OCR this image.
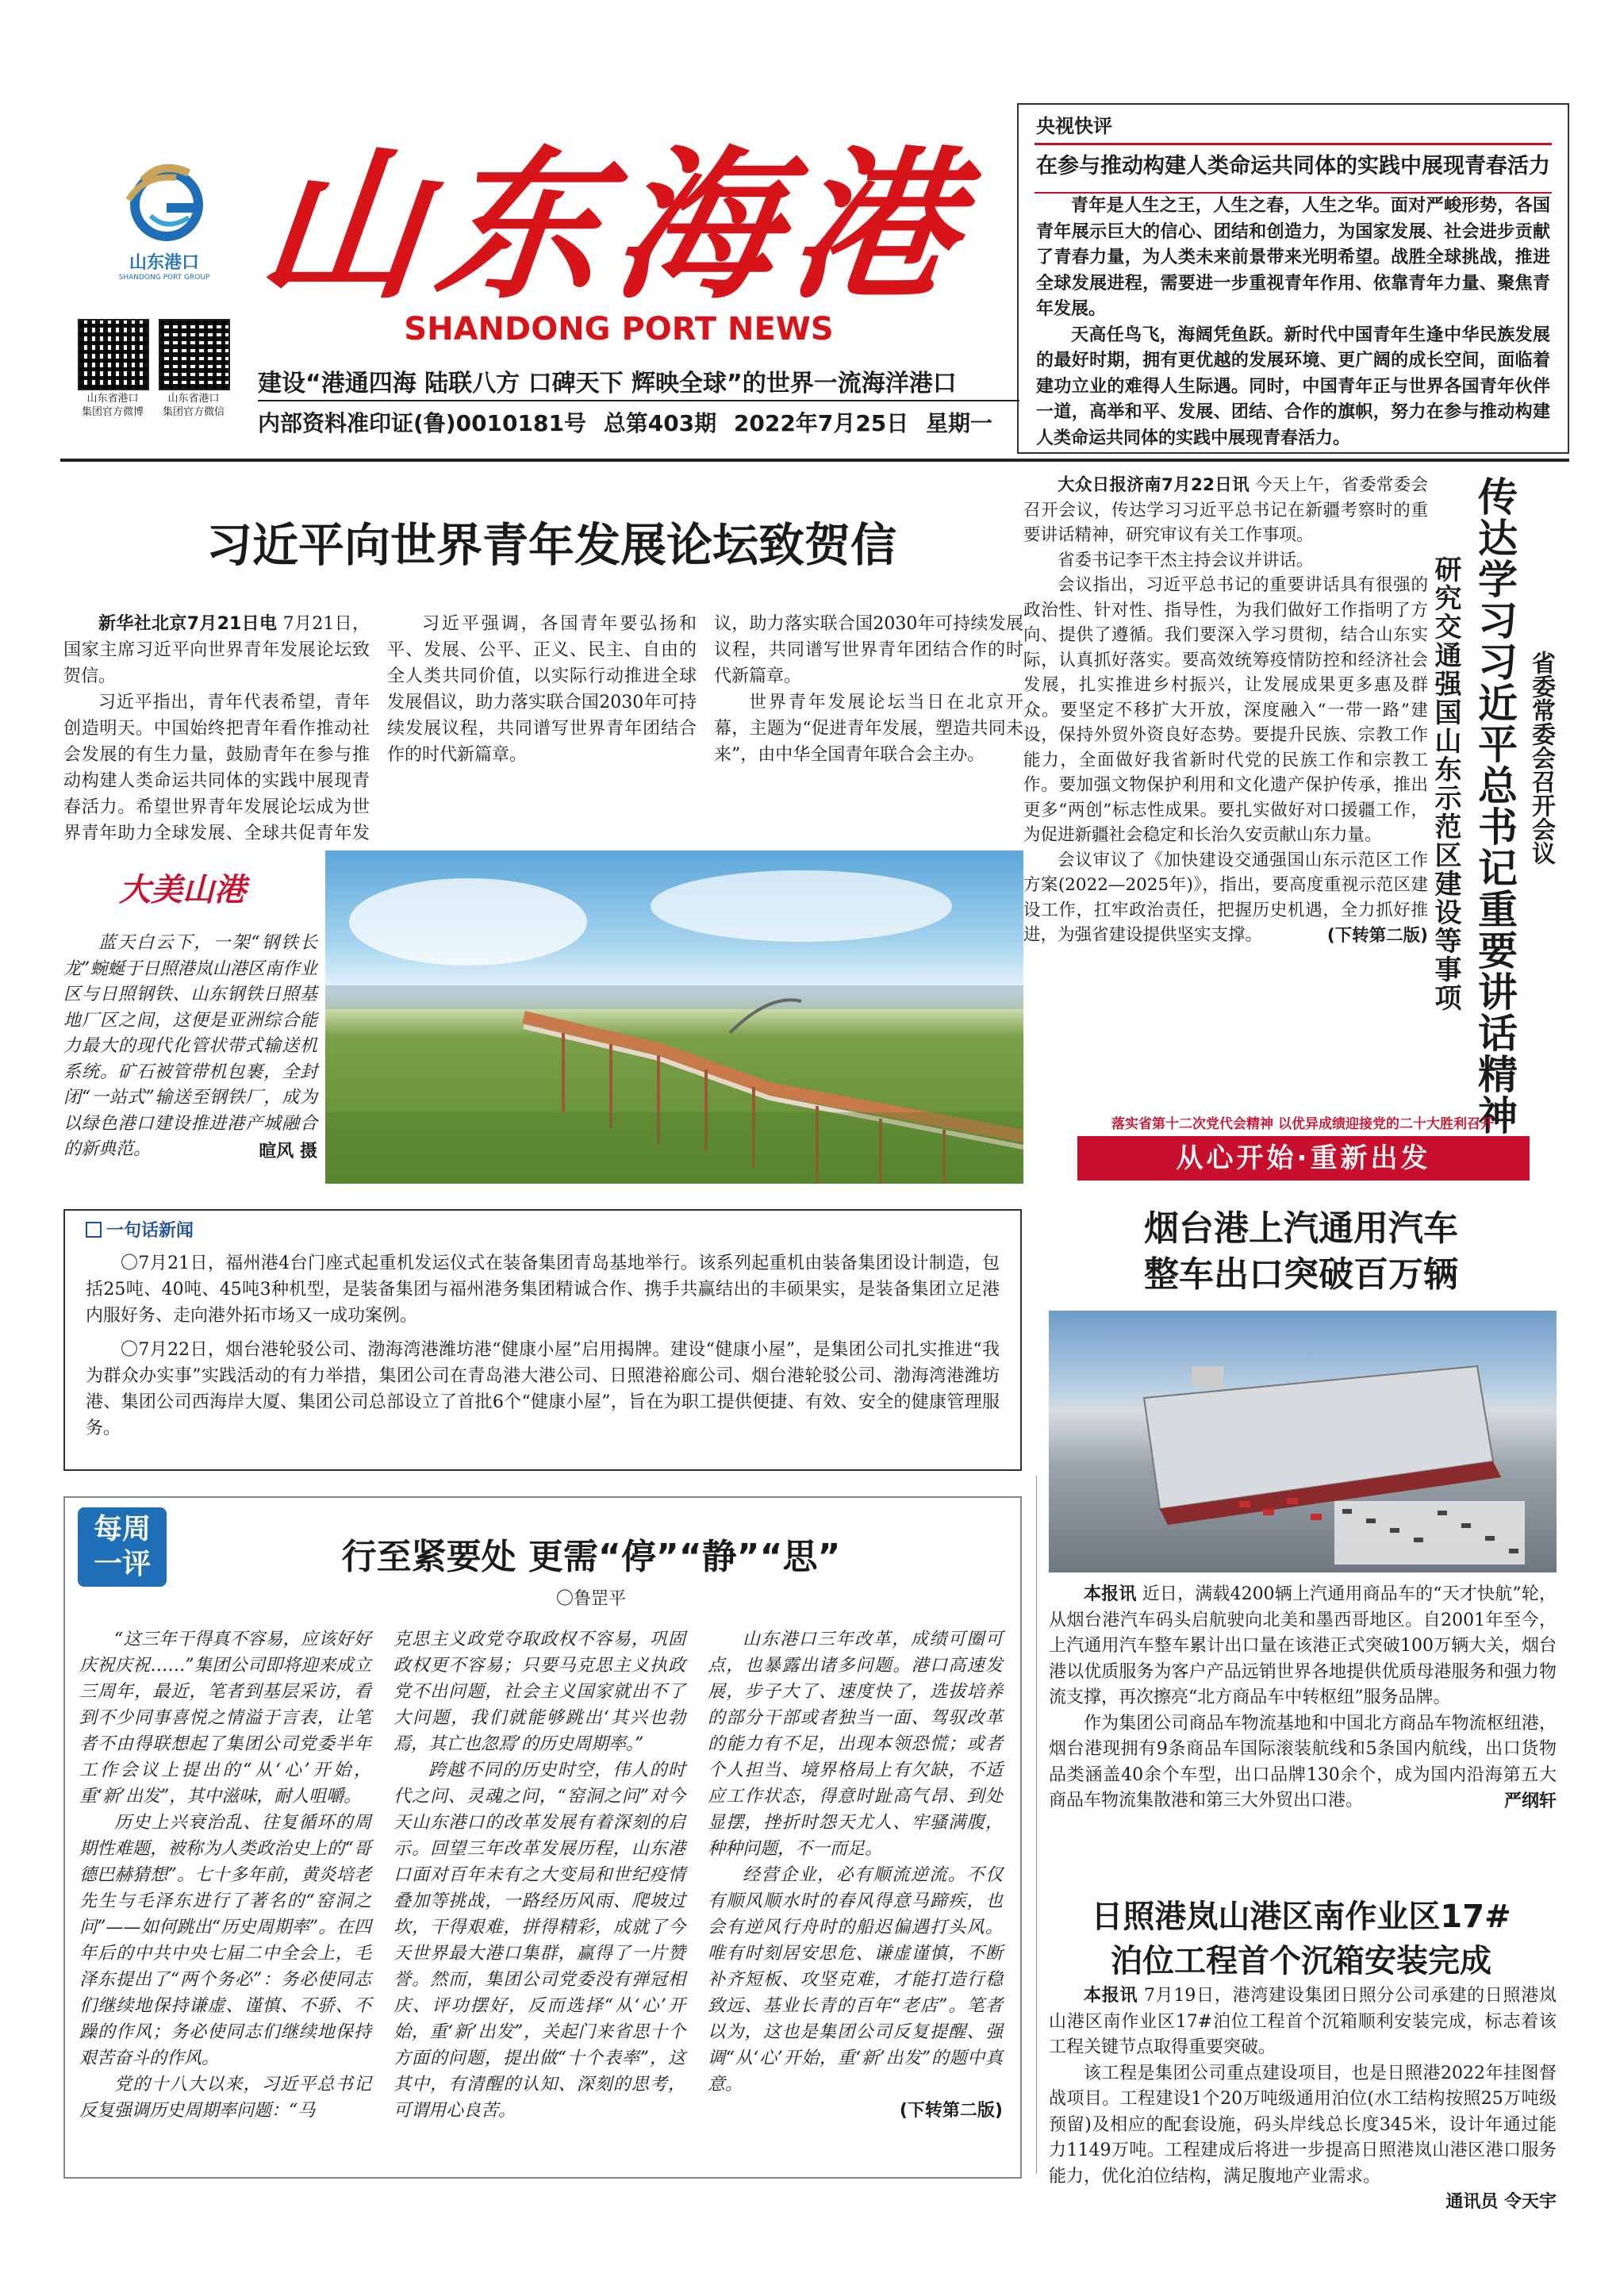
山东港口
SHANDONG PORT GROUP 山东海港
SHANDONG PORT NEWS
山东省港口
集团官方微博
山东省港口
集团官方微信
建设“港通四海 陆联八方 口碑天下 辉映全球”的世界一流海洋港口
内部资料准印证(鲁)0010181号 总第403期 2022年7月25日 星期一
央视快评
在参与推动构建人类命运共同体的实践中展现青春活力

青年是人生之王，人生之春，人生之华。面对严峻形势，各国青年展示巨大的信心、团结和创造力，为国家发展、社会进步贡献了青春力量，为人类未来前景带来光明希望。战胜全球挑战，推进全球发展进程，需要进一步重视青年作用、依靠青年力量、聚焦青年发展。

天高任鸟飞，海阔凭鱼跃。新时代中国青年生逢中华民族发展的最好时期，拥有更优越的发展环境、更广阔的成长空间，面临着建功立业的难得人生际遇。同时，中国青年正与世界各国青年伙伴一道，高举和平、发展、团结、合作的旗帜，努力在参与推动构建人类命运共同体的实践中展现青春活力。

习近平向世界青年发展论坛致贺信

新华社北京7月21日电 7月21日，国家主席习近平向世界青年发展论坛致贺信。

习近平指出，青年代表希望，青年创造明天。中国始终把青年看作推动社会发展的有生力量，鼓励青年在参与推动构建人类命运共同体的实践中展现青春活力。希望世界青年发展论坛成为世界青年助力全球发展、全球共促青年发

习近平强调，各国青年要弘扬和平、发展、公平、正义、民主、自由的全人类共同价值，以实际行动推进全球发展倡议，助力落实联合国2030年可持续发展议程，共同谱写世界青年团结合作的时代新篇章。

议，助力落实联合国2030年可持续发展议程，共同谱写世界青年团结合作的时代新篇章。

世界青年发展论坛当日在北京开幕，主题为“促进青年发展，塑造共同未来”，由中华全国青年联合会主办。

大美山港

蓝天白云下，一架“钢铁长龙”蜿蜒于日照港岚山港区南作业区与日照钢铁、山东钢铁日照基地厂区之间，这便是亚洲综合能力最大的现代化管状带式输送机系统。矿石被管带机包裹，全封闭“一站式”输送至钢铁厂，成为以绿色港口建设推进港产城融合的新典范。	暄风 摄

大众日报济南7月22日讯 今天上午，省委常委会召开会议，传达学习习近平总书记在新疆考察时的重要讲话精神，研究审议有关工作事项。

省委书记李干杰主持会议并讲话。

会议指出，习近平总书记的重要讲话具有很强的政治性、针对性、指导性，为我们做好工作指明了方向、提供了遵循。我们要深入学习贯彻，结合山东实际，认真抓好落实。要高效统筹疫情防控和经济社会发展，扎实推进乡村振兴，让发展成果更多惠及群众。要坚定不移扩大开放，深度融入“一带一路”建设，保持外贸外资良好态势。要提升民族、宗教工作能力，全面做好我省新时代党的民族工作和宗教工作。要加强文物保护利用和文化遗产保护传承，推出更多“两创”标志性成果。要扎实做好对口援疆工作，为促进新疆社会稳定和长治久安贡献山东力量。

会议审议了《加快建设交通强国山东示范区工作方案(2022—2025年)》，指出，要高度重视示范区建设工作，扛牢政治责任，把握历史机遇，全力抓好推进，为强省建设提供坚实支撑。	(下转第二版) 传达学习习近平总书记重要讲话精神
研究交通强国山东示范区建设等事项	省委常委会召开会议
落实省第十二次党代会精神 以优异成绩迎接党的二十大胜利召开
从心开始·重新出发
烟台港上汽通用汽车
整车出口突破百万辆

本报讯 近日，满载4200辆上汽通用商品车的“天才快航”轮，从烟台港汽车码头启航驶向北美和墨西哥地区。自2001年至今，上汽通用汽车整车累计出口量在该港正式突破100万辆大关，烟台港以优质服务为客户产品远销世界各地提供优质母港服务和强力物流支撑，再次擦亮“北方商品车中转枢纽”服务品牌。

作为集团公司商品车物流基地和中国北方商品车物流枢纽港，烟台港现拥有9条商品车国际滚装航线和5条国内航线，出口货物品类涵盖40余个车型，出口品牌130余个，成为国内沿海第五大商品车物流集散港和第三大外贸出口港。	严纲轩

一句话新闻

〇7月21日，福州港4台门座式起重机发运仪式在装备集团青岛基地举行。该系列起重机由装备集团设计制造，包括25吨、40吨、45吨3种机型，是装备集团与福州港务集团精诚合作、携手共赢结出的丰硕果实，是装备集团立足港内服好务、走向港外拓市场又一成功案例。

〇7月22日，烟台港轮驳公司、渤海湾港潍坊港“健康小屋”启用揭牌。建设“健康小屋”，是集团公司扎实推进“我为群众办实事”实践活动的有力举措，集团公司在青岛港大港公司、日照港裕廊公司、烟台港轮驳公司、渤海湾港潍坊港、集团公司西海岸大厦、集团公司总部设立了首批6个“健康小屋”，旨在为职工提供便捷、有效、安全的健康管理服务。

每周
一评	行至紧要处 更需“停”“静”“思”
〇鲁罡平

“这三年干得真不容易，应该好好庆祝庆祝……”集团公司即将迎来成立三周年，最近，笔者到基层采访，看到不少同事喜悦之情溢于言表，让笔者不由得联想起了集团公司党委半年工作会议上提出的“从‘心’开始，重‘新’出发”，其中滋味，耐人咀嚼。

历史上兴衰治乱、往复循环的周期性难题，被称为人类政治史上的“哥德巴赫猜想”。七十多年前，黄炎培老先生与毛泽东进行了著名的“窑洞之问”——如何跳出“历史周期率”。在四年后的中共中央七届二中全会上，毛泽东提出了“两个务必”：务必使同志们继续地保持谦虚、谨慎、不骄、不躁的作风；务必使同志们继续地保持艰苦奋斗的作风。

党的十八大以来，习近平总书记反复强调历史周期率问题：“马

克思主义政党夺取政权不容易，巩固政权更不容易；只要马克思主义执政党不出问题，社会主义国家就出不了大问题，我们就能够跳出‘其兴也勃焉，其亡也忽焉’的历史周期率。”

跨越不同的历史时空，伟人的时代之问、灵魂之问，“窑洞之问”对今天山东港口的改革发展有着深刻的启示。回望三年改革发展历程，山东港口面对百年未有之大变局和世纪疫情叠加等挑战，一路经历风雨、爬坡过坎，干得艰难，拼得精彩，成就了今天世界最大港口集群，赢得了一片赞誉。然而，集团公司党委没有弹冠相庆、评功摆好，反而选择“从‘心’开始，重‘新’出发”，关起门来省思十个方面的问题，提出做“十个表率”，这其中，有清醒的认知、深刻的思考，可谓用心良苦。

山东港口三年改革，成绩可圈可点，也暴露出诸多问题。港口高速发展，步子大了、速度快了，选拔培养的部分干部或者独当一面、驾驭改革的能力有不足，出现本领恐慌；或者个人担当、境界格局上有欠缺，不适应工作状态，得意时趾高气昂、到处显摆，挫折时怨天尤人、牢骚满腹，种种问题，不一而足。

经营企业，必有顺流逆流。不仅有顺风顺水时的春风得意马蹄疾，也会有逆风行舟时的船迟偏遇打头风。唯有时刻居安思危、谦虚谨慎，不断补齐短板、攻坚克难，才能打造行稳致远、基业长青的百年“老店”。笔者以为，这也是集团公司反复提醒、强调“从‘心’开始，重‘新’出发”的题中真意。

(下转第二版)

日照港岚山港区南作业区17#
泊位工程首个沉箱安装完成

本报讯 7月19日，港湾建设集团日照分公司承建的日照港岚山港区南作业区17#泊位工程首个沉箱顺利安装完成，标志着该工程关键节点取得重要突破。

该工程是集团公司重点建设项目，也是日照港2022年挂图督战项目。工程建设1个20万吨级通用泊位(水工结构按照25万吨级预留)及相应的配套设施，码头岸线总长度345米，设计年通过能力1149万吨。工程建成后将进一步提高日照港岚山港区港口服务能力，优化泊位结构，满足腹地产业需求。

通讯员 令天宇
